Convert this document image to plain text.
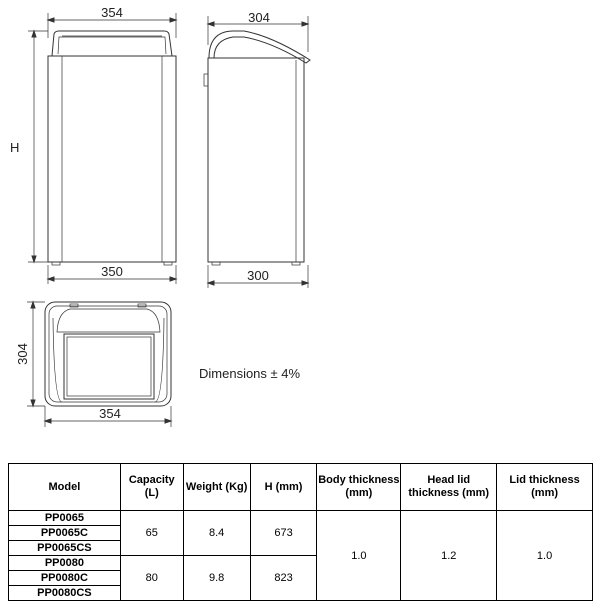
354
H
350
304
300
304
354
Dimensions ± 4%
Model	Capacity (L)	Weight (Kg)	H (mm)	Body thickness (mm)	Head lid thickness (mm)	Lid thickness (mm)
PP0065	65	8.4	673	1.0	1.2	1.0
PP0065C						
PP0065CS						
PP0080	80	9.8	823			
PP0080C						
PP0080CS						
